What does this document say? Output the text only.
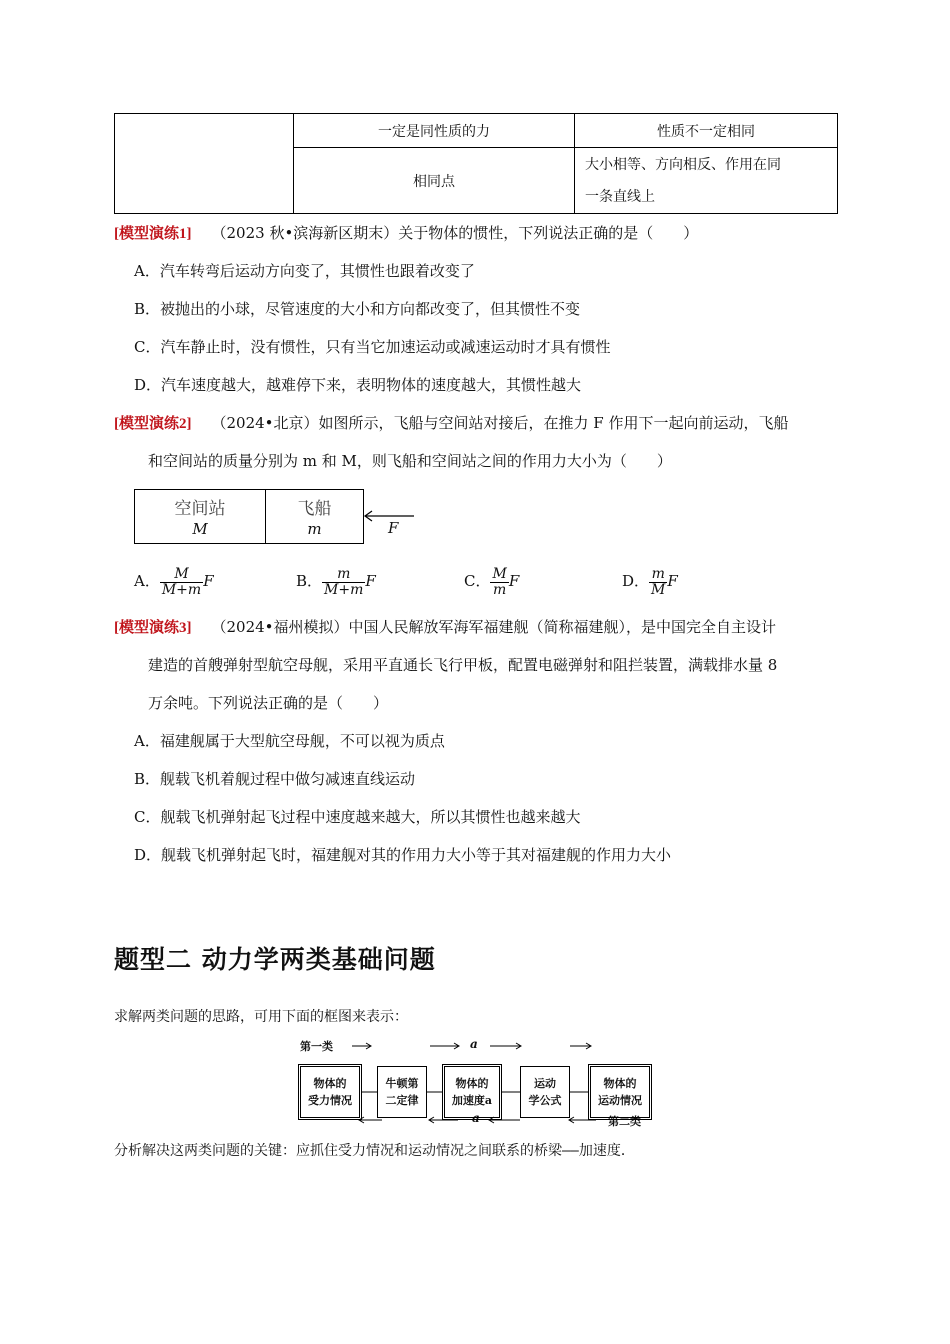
	一定是同性质的力	性质不一定相同
	相同点	大小相等、方向相反、作用在同
一条直线上
[模型演练1] （2023 秋•滨海新区期末）关于物体的惯性，下列说法正确的是（　　）
A．汽车转弯后运动方向变了，其惯性也跟着改变了
B．被抛出的小球，尽管速度的大小和方向都改变了，但其惯性不变
C．汽车静止时，没有惯性，只有当它加速运动或减速运动时才具有惯性
D．汽车速度越大，越难停下来，表明物体的速度越大，其惯性越大
[模型演练2] （2024•北京）如图所示，飞船与空间站对接后，在推力 F 作用下一起向前运动，飞船
和空间站的质量分别为 m 和 M，则飞船和空间站之间的作用力大小为（　　）
空间站
M
飞船
m	F
A． $\frac{M}{M+m}$ F	B． $\frac{m}{M+m}$ F	C． $\frac{M}{m}$ F	D． $\frac{m}{M}$ F
[模型演练3] （2024•福州模拟）中国人民解放军海军福建舰（简称福建舰），是中国完全自主设计
建造的首艘弹射型航空母舰，采用平直通长飞行甲板，配置电磁弹射和阻拦装置，满载排水量 8
万余吨。下列说法正确的是（　　）
A．福建舰属于大型航空母舰，不可以视为质点
B．舰载飞机着舰过程中做匀减速直线运动
C．舰载飞机弹射起飞过程中速度越来越大，所以其惯性也越来越大
D．舰载飞机弹射起飞时，福建舰对其的作用力大小等于其对福建舰的作用力大小
题型二 动力学两类基础问题
求解两类问题的思路，可用下面的框图来表示：
第一类	a
a	第二类
物体的
受力情况
牛顿第
二定律
物体的
加速度a
运动
学公式
物体的
运动情况
分析解决这两类问题的关键：应抓住受力情况和运动情况之间联系的桥梁——加速度．
